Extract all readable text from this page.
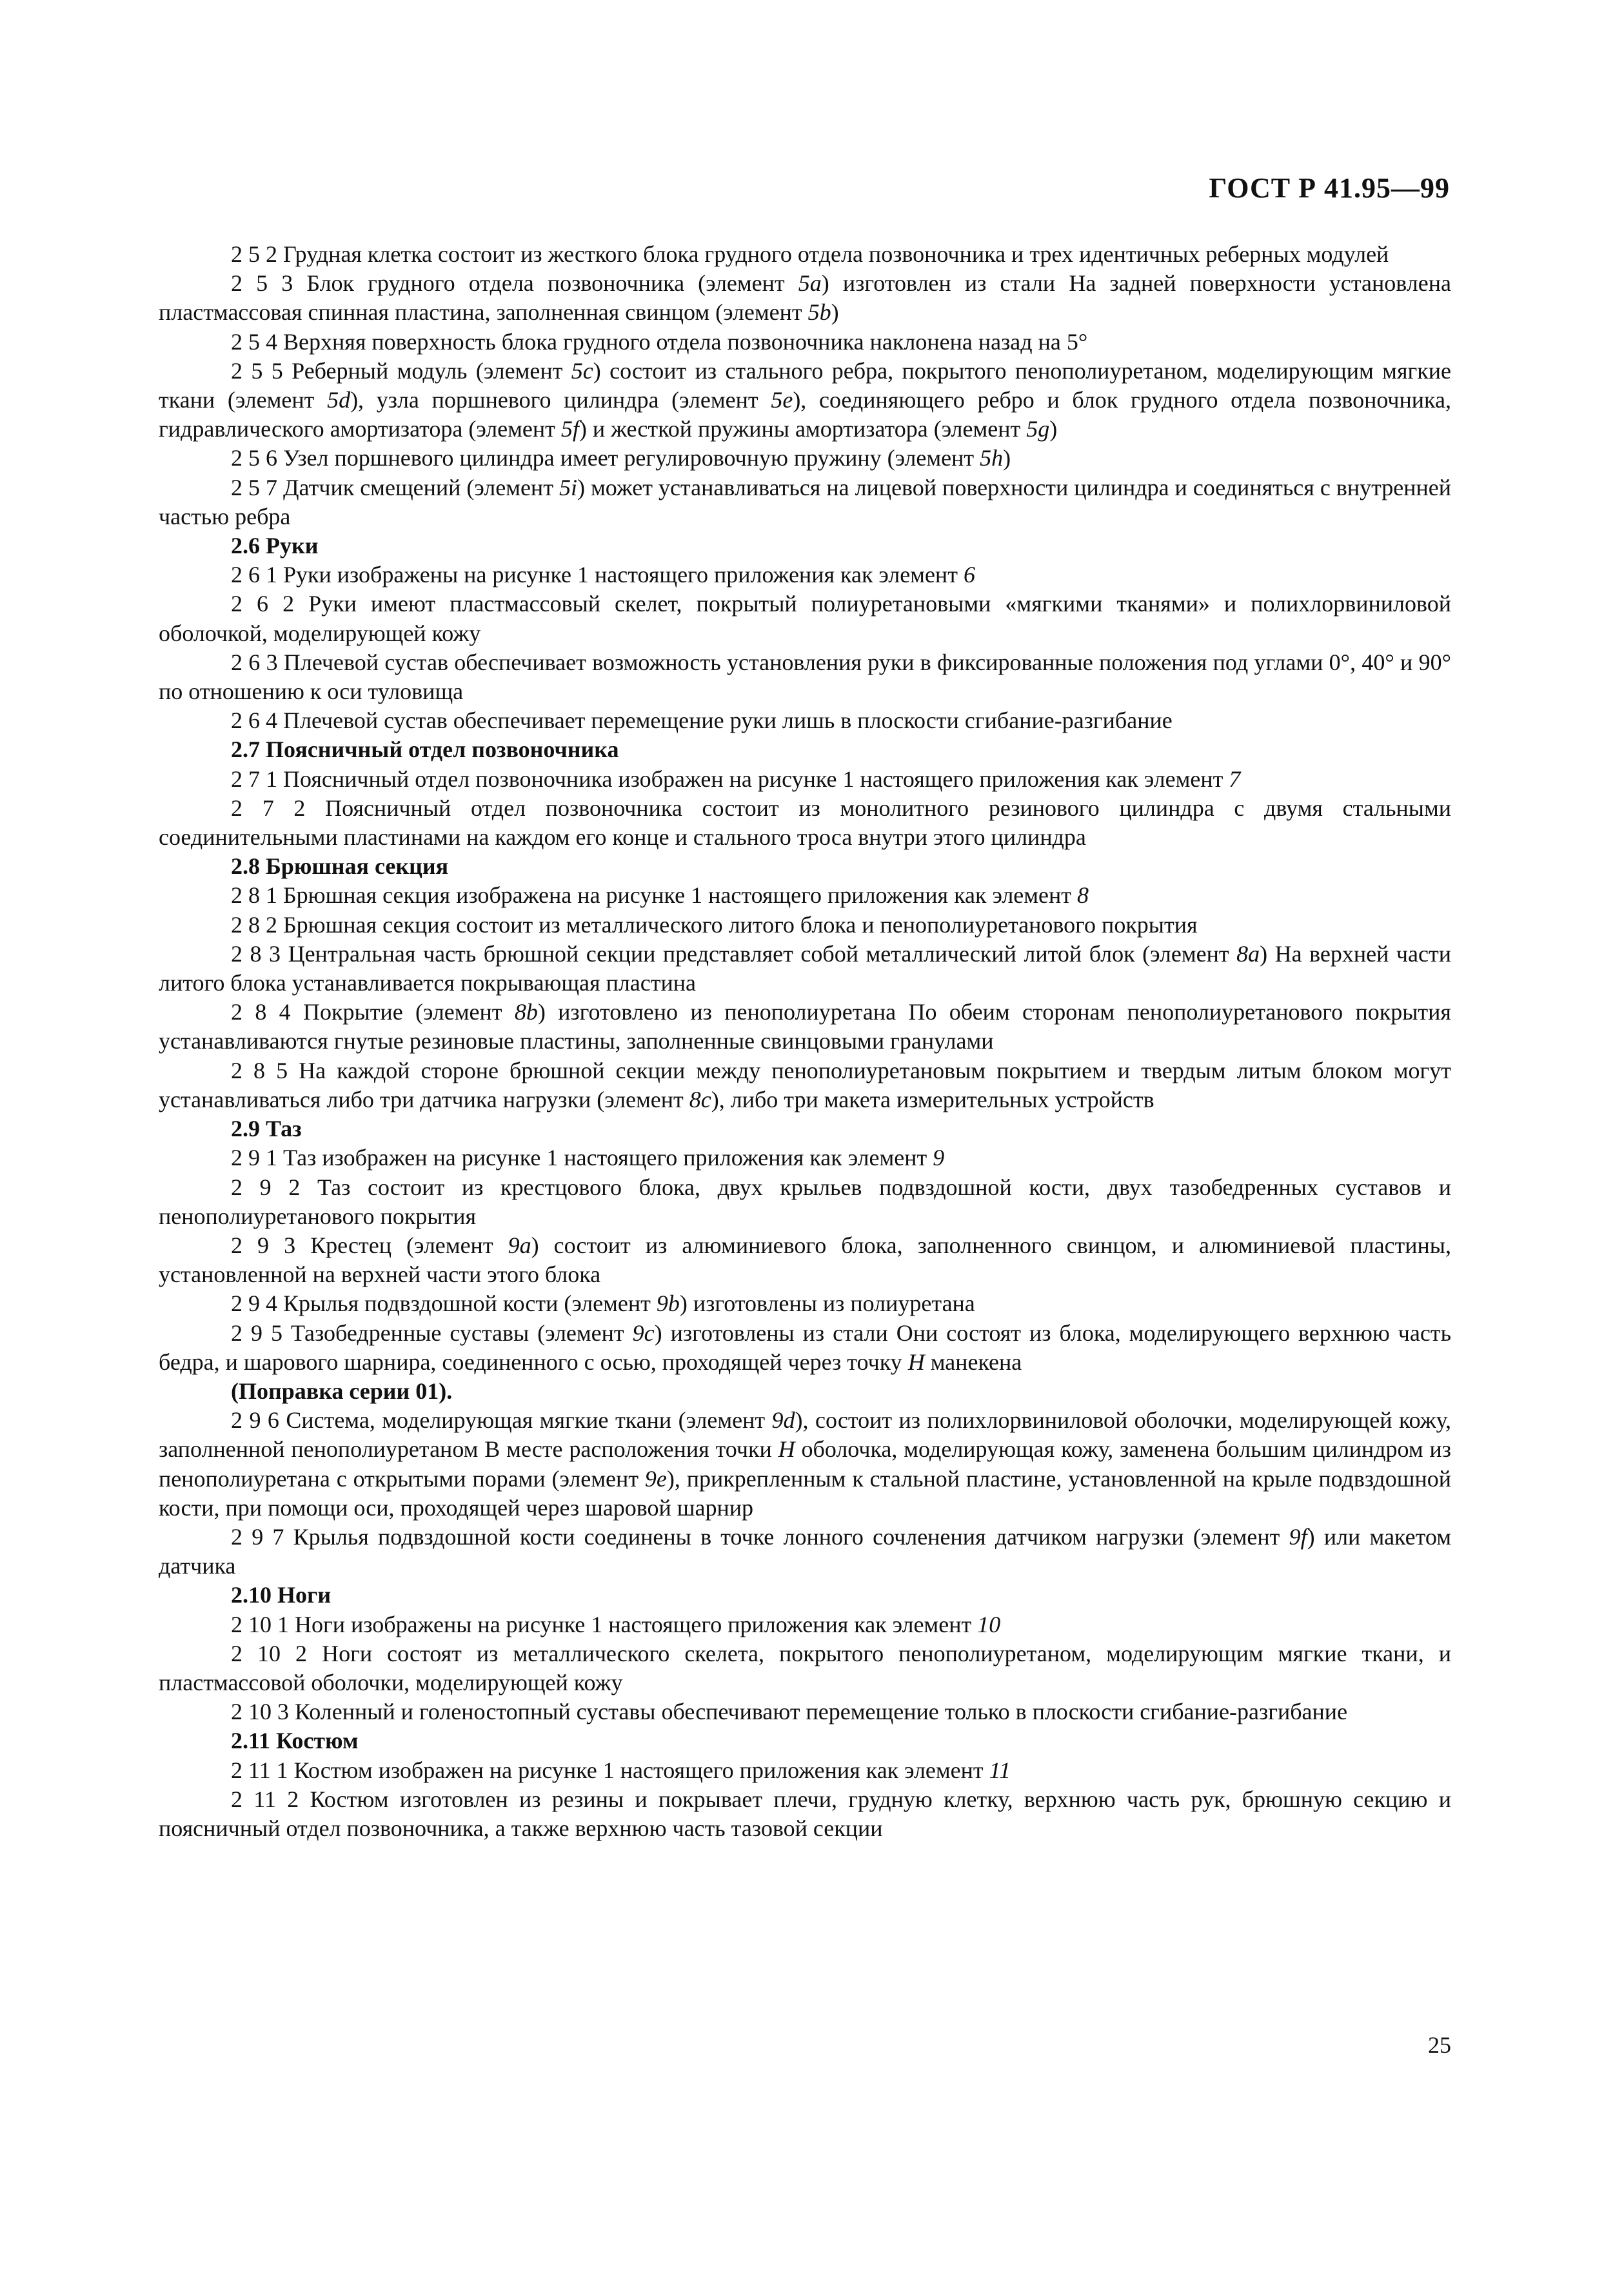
ГОСТ Р 41.95—99

2 5 2 Грудная клетка состоит из жесткого блока грудного отдела позвоночника и трех идентичных реберных модулей

2 5 3 Блок грудного отдела позвоночника (элемент 5a) изготовлен из стали На задней поверхности установлена пластмассовая спинная пластина, заполненная свинцом (элемент 5b)

2 5 4 Верхняя поверхность блока грудного отдела позвоночника наклонена назад на 5°

2 5 5 Реберный модуль (элемент 5c) состоит из стального ребра, покрытого пенополиуретаном, моделирующим мягкие ткани (элемент 5d), узла поршневого цилиндра (элемент 5e), соединяющего ребро и блок грудного отдела позвоночника, гидравлического амортизатора (элемент 5f) и жесткой пружины амортизатора (элемент 5g)

2 5 6 Узел поршневого цилиндра имеет регулировочную пружину (элемент 5h)

2 5 7 Датчик смещений (элемент 5i) может устанавливаться на лицевой поверхности цилиндра и соединяться с внутренней частью ребра

2.6 Руки

2 6 1 Руки изображены на рисунке 1 настоящего приложения как элемент 6

2 6 2 Руки имеют пластмассовый скелет, покрытый полиуретановыми «мягкими тканями» и полихлорвиниловой оболочкой, моделирующей кожу

2 6 3 Плечевой сустав обеспечивает возможность установления руки в фиксированные положения под углами 0°, 40° и 90° по отношению к оси туловища

2 6 4 Плечевой сустав обеспечивает перемещение руки лишь в плоскости сгибание-разгибание

2.7 Поясничный отдел позвоночника

2 7 1 Поясничный отдел позвоночника изображен на рисунке 1 настоящего приложения как элемент 7

2 7 2 Поясничный отдел позвоночника состоит из монолитного резинового цилиндра с двумя стальными соединительными пластинами на каждом его конце и стального троса внутри этого цилиндра

2.8 Брюшная секция

2 8 1 Брюшная секция изображена на рисунке 1 настоящего приложения как элемент 8

2 8 2 Брюшная секция состоит из металлического литого блока и пенополиуретанового покрытия

2 8 3 Центральная часть брюшной секции представляет собой металлический литой блок (элемент 8a) На верхней части литого блока устанавливается покрывающая пластина

2 8 4 Покрытие (элемент 8b) изготовлено из пенополиуретана По обеим сторонам пенополиуретанового покрытия устанавливаются гнутые резиновые пластины, заполненные свинцовыми гранулами

2 8 5 На каждой стороне брюшной секции между пенополиуретановым покрытием и твердым литым блоком могут устанавливаться либо три датчика нагрузки (элемент 8c), либо три макета измерительных устройств

2.9 Таз

2 9 1 Таз изображен на рисунке 1 настоящего приложения как элемент 9

2 9 2 Таз состоит из крестцового блока, двух крыльев подвздошной кости, двух тазобедренных суставов и пенополиуретанового покрытия

2 9 3 Крестец (элемент 9a) состоит из алюминиевого блока, заполненного свинцом, и алюминиевой пластины, установленной на верхней части этого блока

2 9 4 Крылья подвздошной кости (элемент 9b) изготовлены из полиуретана

2 9 5 Тазобедренные суставы (элемент 9c) изготовлены из стали Они состоят из блока, моделирующего верхнюю часть бедра, и шарового шарнира, соединенного с осью, проходящей через точку H манекена

(Поправка серии 01).

2 9 6 Система, моделирующая мягкие ткани (элемент 9d), состоит из полихлорвиниловой оболочки, моделирующей кожу, заполненной пенополиуретаном В месте расположения точки H оболочка, моделирующая кожу, заменена большим цилиндром из пенополиуретана с открытыми порами (элемент 9e), прикрепленным к стальной пластине, установленной на крыле подвздошной кости, при помощи оси, проходящей через шаровой шарнир

2 9 7 Крылья подвздошной кости соединены в точке лонного сочленения датчиком нагрузки (элемент 9f) или макетом датчика

2.10 Ноги

2 10 1 Ноги изображены на рисунке 1 настоящего приложения как элемент 10

2 10 2 Ноги состоят из металлического скелета, покрытого пенополиуретаном, моделирующим мягкие ткани, и пластмассовой оболочки, моделирующей кожу

2 10 3 Коленный и голеностопный суставы обеспечивают перемещение только в плоскости сгибание-разгибание

2.11 Костюм

2 11 1 Костюм изображен на рисунке 1 настоящего приложения как элемент 11

2 11 2 Костюм изготовлен из резины и покрывает плечи, грудную клетку, верхнюю часть рук, брюшную секцию и поясничный отдел позвоночника, а также верхнюю часть тазовой секции

25
